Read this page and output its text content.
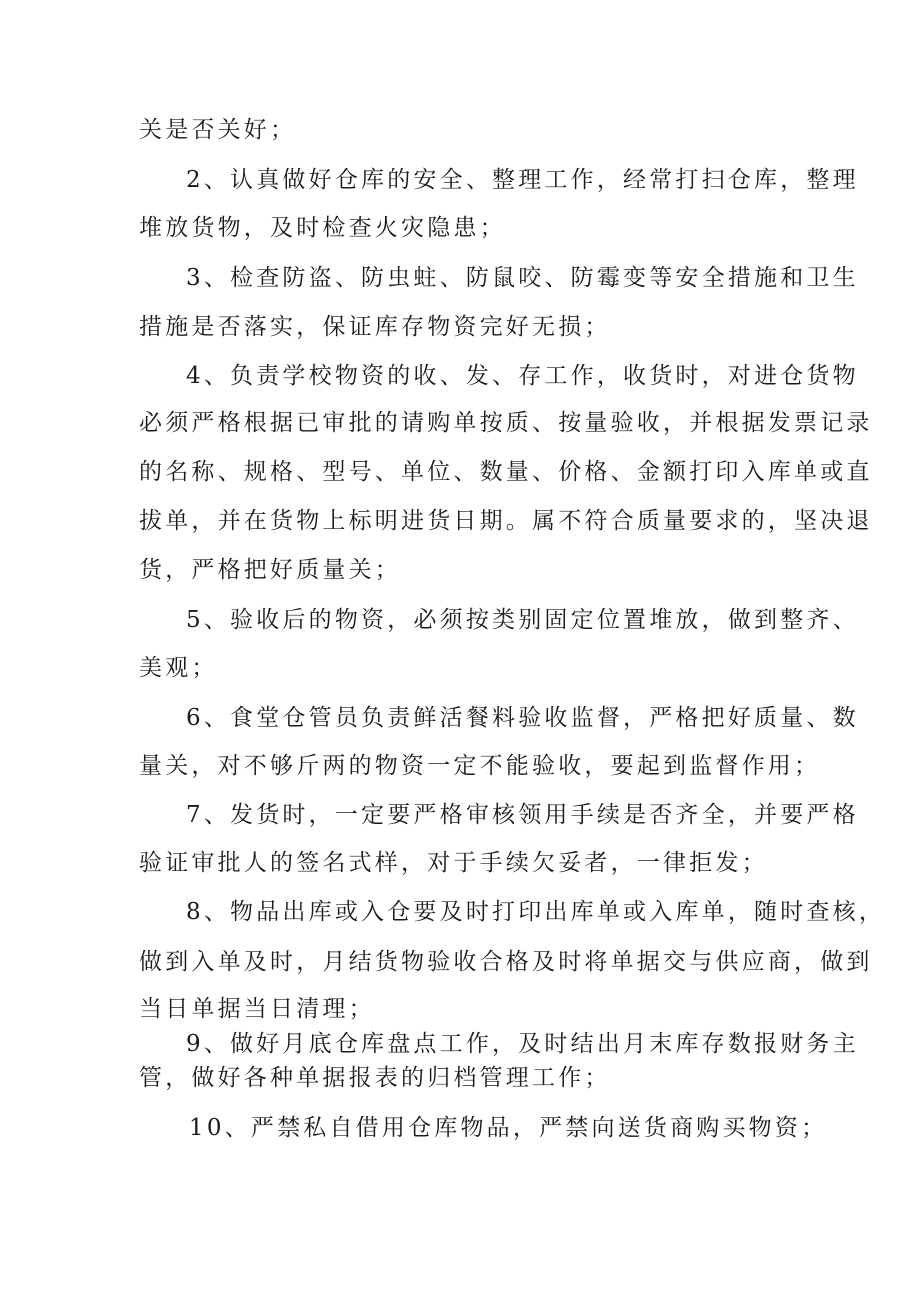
关是否关好；
2、认真做好仓库的安全、整理工作，经常打扫仓库，整理
堆放货物，及时检查火灾隐患；
3、检查防盗、防虫蛀、防鼠咬、防霉变等安全措施和卫生
措施是否落实，保证库存物资完好无损；
4、负责学校物资的收、发、存工作，收货时，对进仓货物
必须严格根据已审批的请购单按质、按量验收，并根据发票记录
的名称、规格、型号、单位、数量、价格、金额打印入库单或直
拔单，并在货物上标明进货日期。属不符合质量要求的，坚决退
货，严格把好质量关；
5、验收后的物资，必须按类别固定位置堆放，做到整齐、
美观；
6、食堂仓管员负责鲜活餐料验收监督，严格把好质量、数
量关，对不够斤两的物资一定不能验收，要起到监督作用；
7、发货时，一定要严格审核领用手续是否齐全，并要严格
验证审批人的签名式样，对于手续欠妥者，一律拒发；
8、物品出库或入仓要及时打印出库单或入库单，随时查核，
做到入单及时，月结货物验收合格及时将单据交与供应商，做到
当日单据当日清理；
9、做好月底仓库盘点工作，及时结出月末库存数报财务主
管，做好各种单据报表的归档管理工作；
10、严禁私自借用仓库物品，严禁向送货商购买物资；
